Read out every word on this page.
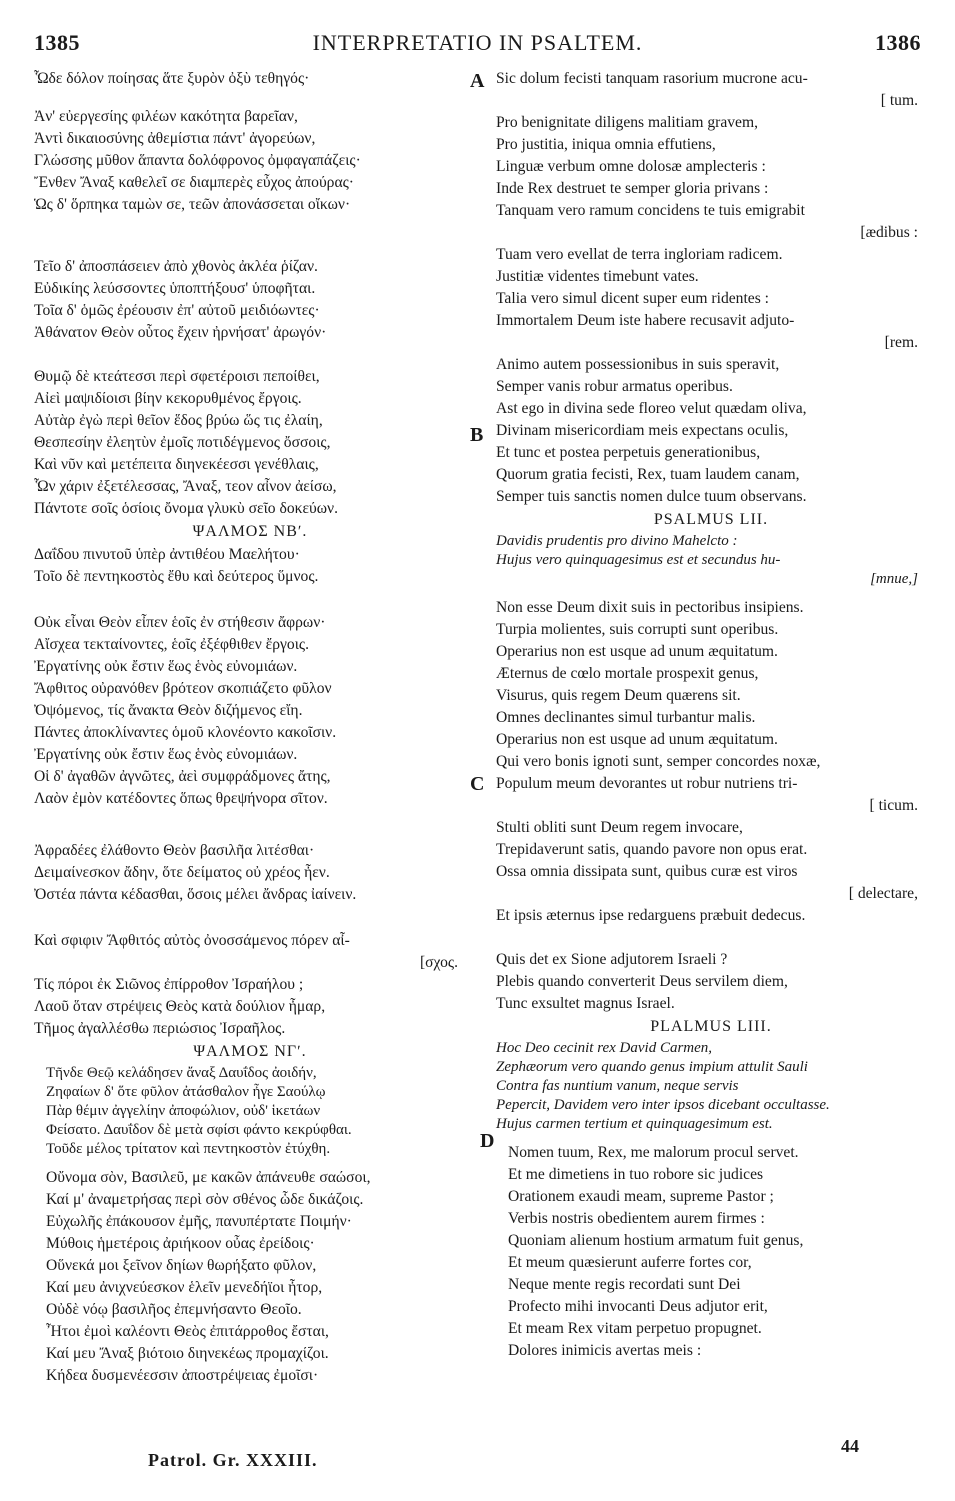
1385	INTERPRETATIO IN PSALTEM.	1386
A
B
C
D
Ὧδε δόλον ποίησας ἅτε ξυρὸν ὀξὺ τεθηγός·
Ἀν' εὐεργεσίης φιλέων κακότητα βαρεῖαν,
Ἀντὶ δικαιοσύνης ἀθεμίστια πάντ' ἀγορεύων,
Γλώσσης μῦθον ἅπαντα δολόφρονος ὀμφαγαπάζεις·
Ἔνθεν Ἄναξ καθελεῖ σε διαμπερὲς εὖχος ἀπούρας·
Ὡς δ' ὅρπηκα ταμὼν σε, τεῶν ἀπονάσσεται οἴκων·
Τεῖο δ' ἀποσπάσειεν ἀπὸ χθονὸς ἀκλέα ῥίζαν.
Εὐδικίης λεύσσοντες ὑποπτήξουσ' ὑποφῆται.
Τοῖα δ' ὁμῶς ἐρέουσιν ἐπ' αὐτοῦ μειδιόωντες·
Ἀθάνατον Θεὸν οὗτος ἔχειν ἠρνήσατ' ἀρωγόν·
Θυμῷ δὲ κτεάτεσσι περὶ σφετέροισι πεποίθει,
Αἰεὶ μαψιδίοισι βίην κεκορυθμένος ἔργοις.
Αὐτὰρ ἐγὼ περὶ θεῖον ἕδος βρύω ὥς τις ἐλαίη,
Θεσπεσίην ἐλεητὺν ἐμοῖς ποτιδέγμενος ὄσσοις,
Καὶ νῦν καὶ μετέπειτα διηνεκέεσσι γενέθλαις,
Ὧν χάριν ἐξετέλεσσας, Ἄναξ, τεον αἶνον ἀείσω,
Πάντοτε σοῖς ὁσίοις ὄνομα γλυκὺ σεῖο δοκεύων.
ΨΑΛΜΟΣ ΝΒʹ.
Δαΐδου πινυτοῦ ὑπὲρ ἀντιθέου Μαελήτου·
Τοῖο δὲ πεντηκοστὸς ἔθυ καὶ δεύτερος ὕμνος.
Οὐκ εἶναι Θεὸν εἶπεν ἑοῖς ἐν στήθεσιν ἄφρων·
Αἴσχεα τεκταίνοντες, ἑοῖς ἐξέφθιθεν ἔργοις.
Ἐργατίνης οὐκ ἔστιν ἕως ἑνὸς εὐνομιάων.
Ἄφθιτος οὐρανόθεν βρότεον σκοπιάζετο φῦλον
Ὀψόμενος, τίς ἄνακτα Θεὸν διζήμενος εἴη.
Πάντες ἀποκλίναντες ὁμοῦ κλονέοντο κακοῖσιν.
Ἐργατίνης οὐκ ἔστιν ἕως ἑνὸς εὐνομιάων.
Οἱ δ' ἀγαθῶν ἀγνῶτες, ἀεὶ συμφράδμονες ἄτης,
Λαὸν ἐμὸν κατέδοντες ὅπως θρεψήνορα σῖτον.
Ἀφραδέες ἐλάθοντο Θεὸν βασιλῆα λιτέσθαι·
Δειμαίνεσκον ἄδην, ὅτε δείματος οὐ χρέος ἦεν.
Ὀστέα πάντα κέδασθαι, ὅσοις μέλει ἄνδρας ἰαίνειν.
Καὶ σφιφιν Ἄφθιτός αὐτὸς ὀνοσσάμενος πόρεν αἶ-
[σχος.
Τίς πόροι ἐκ Σιῶνος ἐπίρροθον Ἰσραήλου ;
Λαοῦ ὅταν στρέψεις Θεὸς κατὰ δούλιον ἦμαρ,
Τῆμος ἀγαλλέσθω περιώσιος Ἰσραῆλος.
ΨΑΛΜΟΣ ΝΓʹ.
Τῆνδε Θεῷ κελάδησεν ἄναξ Δαυΐδος ἀοιδήν,
Ζηφαίων δ' ὅτε φῦλον ἀτάσθαλον ἦγε Σαούλῳ
Πὰρ θέμιν ἀγγελίην ἀποφώλιον, οὐδ' ἱκετάων
Φείσατο. Δαυΐδον δὲ μετὰ σφίσι φάντο κεκρύφθαι.
Τοῦδε μέλος τρίτατον καὶ πεντηκοστὸν ἐτύχθη.
Οὔνομα σὸν, Βασιλεῦ, με κακῶν ἀπάνευθε σαώσοι,
Καί μ' ἀναμετρήσας περὶ σὸν σθένος ὧδε δικάζοις.
Εὐχωλῆς ἐπάκουσον ἐμῆς, πανυπέρτατε Ποιμήν·
Μύθοις ἡμετέροις ἀριήκοον οὖας ἐρείδοις·
Οὕνεκά μοι ξεῖνον δηίων θωρήξατο φῦλον,
Καί μευ ἀνιχνεύεσκον ἑλεῖν μενεδήϊοι ἦτορ,
Οὐδὲ νόῳ βασιλῆος ἐπεμνήσαντο Θεοῖο.
Ἦτοι ἐμοὶ καλέοντι Θεὸς ἐπιτάρροθος ἔσται,
Καί μευ Ἄναξ βιότοιο διηνεκέως προμαχίζοι.
Κήδεα δυσμενέεσσιν ἀποστρέψειας ἐμοῖσι·
Sic dolum fecisti tanquam rasorium mucrone acu-
[ tum.
Pro benignitate diligens malitiam gravem,
Pro justitia, iniqua omnia effutiens,
Linguæ verbum omne dolosæ amplecteris :
Inde Rex destruet te semper gloria privans :
Tanquam vero ramum concidens te tuis emigrabit
[ædibus :
Tuam vero evellat de terra ingloriam radicem.
Justitiæ videntes timebunt vates.
Talia vero simul dicent super eum ridentes :
Immortalem Deum iste habere recusavit adjuto-
[rem.
Animo autem possessionibus in suis speravit,
Semper vanis robur armatus operibus.
Ast ego in divina sede floreo velut quædam oliva,
Divinam misericordiam meis expectans oculis,
Et tunc et postea perpetuis generationibus,
Quorum gratia fecisti, Rex, tuam laudem canam,
Semper tuis sanctis nomen dulce tuum observans.
PSALMUS LII.
Davidis prudentis pro divino Mahelcto :
Hujus vero quinquagesimus est et secundus hu-
[mnue,]
Non esse Deum dixit suis in pectoribus insipiens.
Turpia molientes, suis corrupti sunt operibus.
Operarius non est usque ad unum æquitatum.
Æternus de cœlo mortale prospexit genus,
Visurus, quis regem Deum quærens sit.
Omnes declinantes simul turbantur malis.
Operarius non est usque ad unum æquitatum.
Qui vero bonis ignoti sunt, semper concordes noxæ,
Populum meum devorantes ut robur nutriens tri-
[ ticum.
Stulti obliti sunt Deum regem invocare,
Trepidaverunt satis, quando pavore non opus erat.
Ossa omnia dissipata sunt, quibus curæ est viros
[ delectare,
Et ipsis æternus ipse redarguens præbuit dedecus.
Quis det ex Sione adjutorem Israeli ?
Plebis quando converterit Deus servilem diem,
Tunc exsultet magnus Israel.
PLALMUS LIII.
Hoc Deo cecinit rex David Carmen,
Zephæorum vero quando genus impium attulit Sauli
Contra fas nuntium vanum, neque servis
Pepercit, Davidem vero inter ipsos dicebant occultasse.
Hujus carmen tertium et quinquagesimum est.
Nomen tuum, Rex, me malorum procul servet.
Et me dimetiens in tuo robore sic judices
Orationem exaudi meam, supreme Pastor ;
Verbis nostris obedientem aurem firmes :
Quoniam alienum hostium armatum fuit genus,
Et meum quæsierunt auferre fortes cor,
Neque mente regis recordati sunt Dei
Profecto mihi invocanti Deus adjutor erit,
Et meam Rex vitam perpetuo propugnet.
Dolores inimicis avertas meis :
Patrol. Gr. XXXIII.
44
